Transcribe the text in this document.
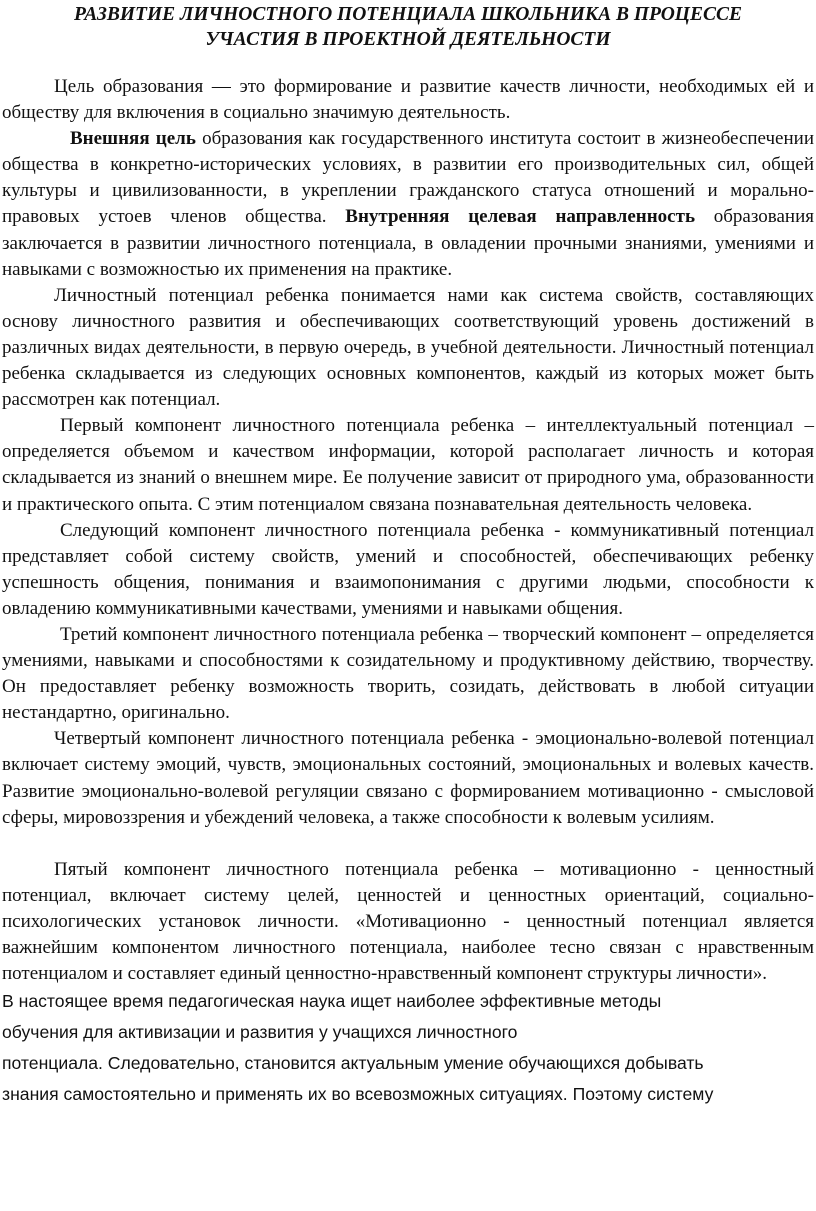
РАЗВИТИЕ ЛИЧНОСТНОГО ПОТЕНЦИАЛА ШКОЛЬНИКА В ПРОЦЕССЕ
УЧАСТИЯ В ПРОЕКТНОЙ ДЕЯТЕЛЬНОСТИ

Цель образования — это формирование и развитие качеств личности, необходимых ей и обществу для включения в социально значимую деятельность.

Внешняя цель образования как государственного института состоит в жизнеобеспечении общества в конкретно-исторических условиях, в развитии его производительных сил, общей культуры и цивилизованности, в укреплении гражданского статуса отношений и морально-правовых устоев членов общества. Внутренняя целевая направленность образования заключается в развитии личностного потенциала, в овладении прочными знаниями, умениями и навыками с возможностью их применения на практике.

Личностный потенциал ребенка понимается нами как система свойств, составляющих основу личностного развития и обеспечивающих соответствующий уровень достижений в различных видах деятельности, в первую очередь, в учебной деятельности. Личностный потенциал ребенка складывается из следующих основных компонентов, каждый из которых может быть рассмотрен как потенциал.

Первый компонент личностного потенциала ребенка – интеллектуальный потенциал – определяется объемом и качеством информации, которой располагает личность и которая складывается из знаний о внешнем мире. Ее получение зависит от природного ума, образованности и практического опыта. С этим потенциалом связана познавательная деятельность человека.

Следующий компонент личностного потенциала ребенка - коммуникативный потенциал представляет собой систему свойств, умений и способностей, обеспечивающих ребенку успешность общения, понимания и взаимопонимания с другими людьми, способности к овладению коммуникативными качествами, умениями и навыками общения.

Третий компонент личностного потенциала ребенка – творческий компонент – определяется умениями, навыками и способностями к созидательному и продуктивному действию, творчеству. Он предоставляет ребенку возможность творить, созидать, действовать в любой ситуации нестандартно, оригинально.

Четвертый компонент личностного потенциала ребенка - эмоционально-волевой потенциал включает систему эмоций, чувств, эмоциональных состояний, эмоциональных и волевых качеств. Развитие эмоционально-волевой регуляции связано с формированием мотивационно - смысловой сферы, мировоззрения и убеждений человека, а также способности к волевым усилиям.

Пятый компонент личностного потенциала ребенка – мотивационно - ценностный потенциал, включает систему целей, ценностей и ценностных ориентаций, социально-психологических установок личности. «Мотивационно - ценностный потенциал является важнейшим компонентом личностного потенциала, наиболее тесно связан с нравственным потенциалом и составляет единый ценностно-нравственный компонент структуры личности».

В настоящее время педагогическая наука ищет наиболее эффективные методы
обучения для активизации и развития у учащихся личностного
потенциала. Следовательно, становится актуальным умение обучающихся добывать
знания самостоятельно и применять их во всевозможных ситуациях. Поэтому систему
